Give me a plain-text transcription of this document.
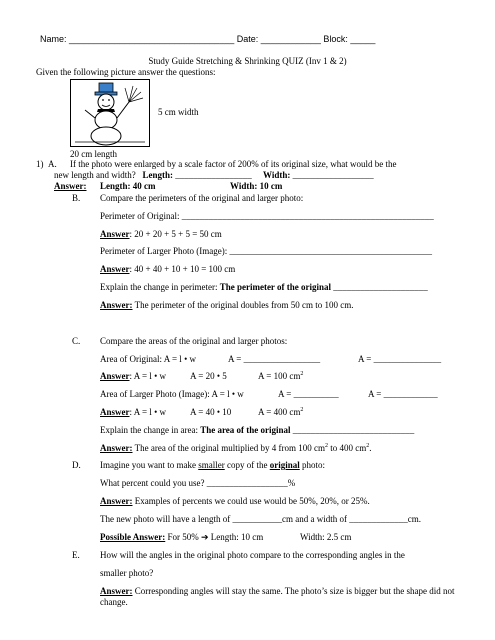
Name: _________________________________ Date: ____________ Block: _____
Study Guide Stretching & Shrinking QUIZ (Inv 1 & 2)
Given the following picture answer the questions:
5 cm width
20 cm length
1) A. If the photo were enlarged by a scale factor of 200% of its original size, what would be the
new length and width? Length: _________________ Width: __________________
Answer: Length: 40 cm	Width: 10 cm
B. Compare the perimeters of the original and larger photo:
Perimeter of Original: ________________________________________________________
Answer: 20 + 20 + 5 + 5 = 50 cm
Perimeter of Larger Photo (Image): _____________________________________________
Answer: 40 + 40 + 10 + 10 = 100 cm
Explain the change in perimeter: The perimeter of the original _____________________
Answer: The perimeter of the original doubles from 50 cm to 100 cm.
C. Compare the areas of the original and larger photos:
Area of Original: A = l • w	A = _________________	A = _______________
Answer: A = l • w	A = 20 • 5	A = 100 $cm^2$
Area of Larger Photo (Image): A = l • w	A = __________	A = ____________
Answer: A = l • w	A = 40 • 10	A = 400 $cm^2$
Explain the change in area: The area of the original ___________________________
Answer: The area of the original multiplied by 4 from 100 $cm^2$ to 400 $cm^2$.
D. Imagine you want to make smaller copy of the original photo:
What percent could you use? __________________%
Answer: Examples of percents we could use would be 50%, 20%, or 25%.
The new photo will have a length of ___________cm and a width of _____________cm.
Possible Answer: For 50% ➔ Length: 10 cm	Width: 2.5 cm
E. How will the angles in the original photo compare to the corresponding angles in the
smaller photo?
Answer: Corresponding angles will stay the same. The photo’s size is bigger but the shape did not change.
